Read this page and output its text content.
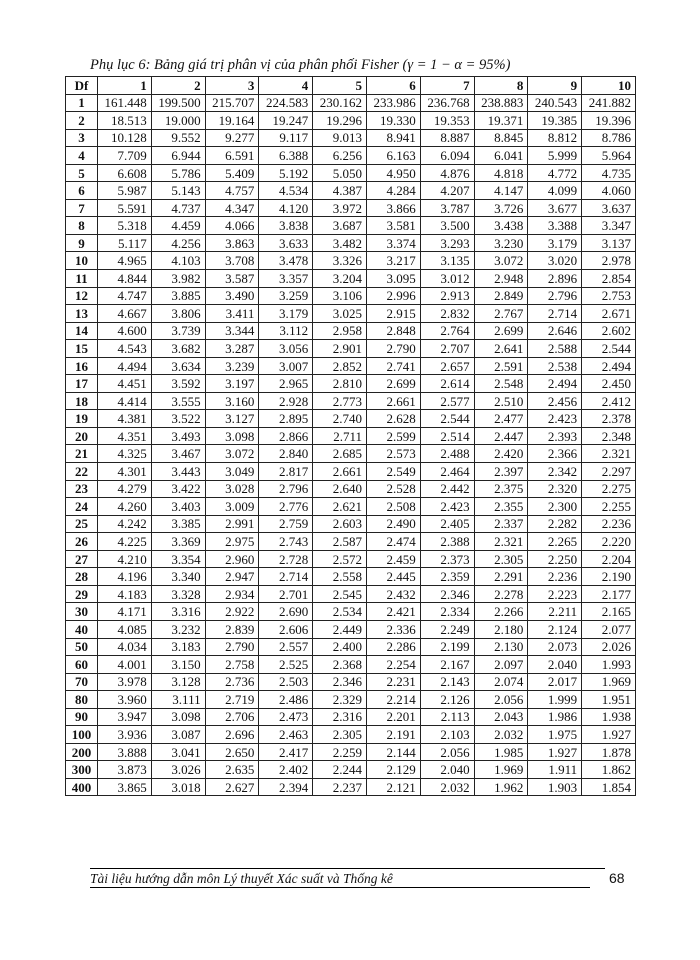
Phụ lục 6: Bảng giá trị phân vị của phân phối Fisher (γ = 1 − α = 95%)
Df	1	2	3	4	5	6	7	8	9	10
1	161.448	199.500	215.707	224.583	230.162	233.986	236.768	238.883	240.543	241.882
2	18.513	19.000	19.164	19.247	19.296	19.330	19.353	19.371	19.385	19.396
3	10.128	9.552	9.277	9.117	9.013	8.941	8.887	8.845	8.812	8.786
4	7.709	6.944	6.591	6.388	6.256	6.163	6.094	6.041	5.999	5.964
5	6.608	5.786	5.409	5.192	5.050	4.950	4.876	4.818	4.772	4.735
6	5.987	5.143	4.757	4.534	4.387	4.284	4.207	4.147	4.099	4.060
7	5.591	4.737	4.347	4.120	3.972	3.866	3.787	3.726	3.677	3.637
8	5.318	4.459	4.066	3.838	3.687	3.581	3.500	3.438	3.388	3.347
9	5.117	4.256	3.863	3.633	3.482	3.374	3.293	3.230	3.179	3.137
10	4.965	4.103	3.708	3.478	3.326	3.217	3.135	3.072	3.020	2.978
11	4.844	3.982	3.587	3.357	3.204	3.095	3.012	2.948	2.896	2.854
12	4.747	3.885	3.490	3.259	3.106	2.996	2.913	2.849	2.796	2.753
13	4.667	3.806	3.411	3.179	3.025	2.915	2.832	2.767	2.714	2.671
14	4.600	3.739	3.344	3.112	2.958	2.848	2.764	2.699	2.646	2.602
15	4.543	3.682	3.287	3.056	2.901	2.790	2.707	2.641	2.588	2.544
16	4.494	3.634	3.239	3.007	2.852	2.741	2.657	2.591	2.538	2.494
17	4.451	3.592	3.197	2.965	2.810	2.699	2.614	2.548	2.494	2.450
18	4.414	3.555	3.160	2.928	2.773	2.661	2.577	2.510	2.456	2.412
19	4.381	3.522	3.127	2.895	2.740	2.628	2.544	2.477	2.423	2.378
20	4.351	3.493	3.098	2.866	2.711	2.599	2.514	2.447	2.393	2.348
21	4.325	3.467	3.072	2.840	2.685	2.573	2.488	2.420	2.366	2.321
22	4.301	3.443	3.049	2.817	2.661	2.549	2.464	2.397	2.342	2.297
23	4.279	3.422	3.028	2.796	2.640	2.528	2.442	2.375	2.320	2.275
24	4.260	3.403	3.009	2.776	2.621	2.508	2.423	2.355	2.300	2.255
25	4.242	3.385	2.991	2.759	2.603	2.490	2.405	2.337	2.282	2.236
26	4.225	3.369	2.975	2.743	2.587	2.474	2.388	2.321	2.265	2.220
27	4.210	3.354	2.960	2.728	2.572	2.459	2.373	2.305	2.250	2.204
28	4.196	3.340	2.947	2.714	2.558	2.445	2.359	2.291	2.236	2.190
29	4.183	3.328	2.934	2.701	2.545	2.432	2.346	2.278	2.223	2.177
30	4.171	3.316	2.922	2.690	2.534	2.421	2.334	2.266	2.211	2.165
40	4.085	3.232	2.839	2.606	2.449	2.336	2.249	2.180	2.124	2.077
50	4.034	3.183	2.790	2.557	2.400	2.286	2.199	2.130	2.073	2.026
60	4.001	3.150	2.758	2.525	2.368	2.254	2.167	2.097	2.040	1.993
70	3.978	3.128	2.736	2.503	2.346	2.231	2.143	2.074	2.017	1.969
80	3.960	3.111	2.719	2.486	2.329	2.214	2.126	2.056	1.999	1.951
90	3.947	3.098	2.706	2.473	2.316	2.201	2.113	2.043	1.986	1.938
100	3.936	3.087	2.696	2.463	2.305	2.191	2.103	2.032	1.975	1.927
200	3.888	3.041	2.650	2.417	2.259	2.144	2.056	1.985	1.927	1.878
300	3.873	3.026	2.635	2.402	2.244	2.129	2.040	1.969	1.911	1.862
400	3.865	3.018	2.627	2.394	2.237	2.121	2.032	1.962	1.903	1.854
Tài liệu hướng dẫn môn Lý thuyết Xác suất và Thống kê	68
